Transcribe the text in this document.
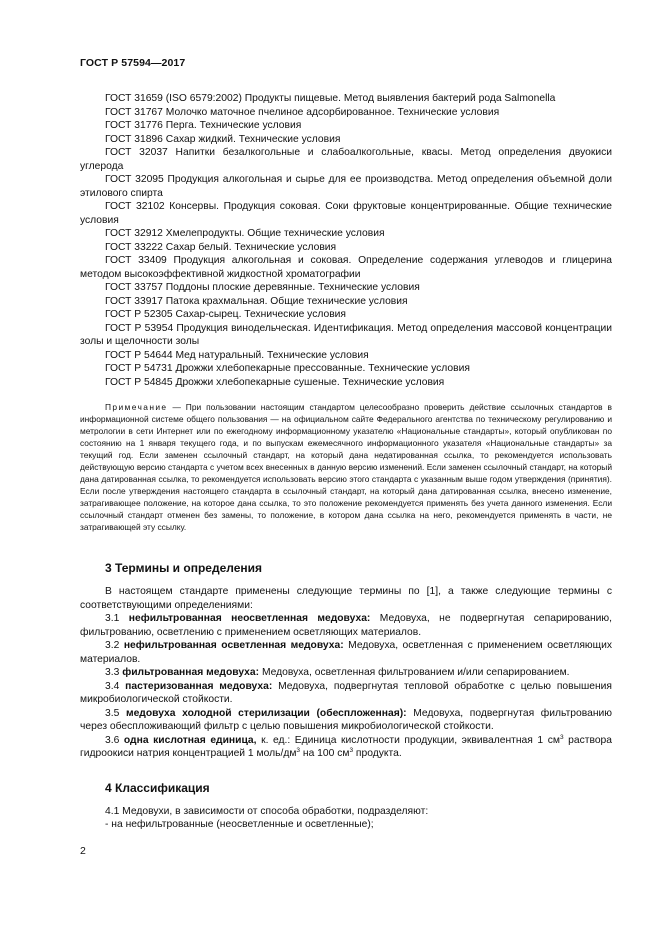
ГОСТ Р 57594—2017

ГОСТ 31659 (ISO 6579:2002) Продукты пищевые. Метод выявления бактерий рода Salmonella

ГОСТ 31767 Молочко маточное пчелиное адсорбированное. Технические условия

ГОСТ 31776 Перга. Технические условия

ГОСТ 31896 Сахар жидкий. Технические условия

ГОСТ 32037 Напитки безалкогольные и слабоалкогольные, квасы. Метод определения двуокиси углерода

ГОСТ 32095 Продукция алкогольная и сырье для ее производства. Метод определения объемной доли этилового спирта

ГОСТ 32102 Консервы. Продукция соковая. Соки фруктовые концентрированные. Общие технические условия

ГОСТ 32912 Хмелепродукты. Общие технические условия

ГОСТ 33222 Сахар белый. Технические условия

ГОСТ 33409 Продукция алкогольная и соковая. Определение содержания углеводов и глицерина методом высокоэффективной жидкостной хроматографии

ГОСТ 33757 Поддоны плоские деревянные. Технические условия

ГОСТ 33917 Патока крахмальная. Общие технические условия

ГОСТ Р 52305 Сахар-сырец. Технические условия

ГОСТ Р 53954 Продукция винодельческая. Идентификация. Метод определения массовой концентрации золы и щелочности золы

ГОСТ Р 54644 Мед натуральный. Технические условия

ГОСТ Р 54731 Дрожжи хлебопекарные прессованные. Технические условия

ГОСТ Р 54845 Дрожжи хлебопекарные сушеные. Технические условия

Примечание — При пользовании настоящим стандартом целесообразно проверить действие ссылочных стандартов в информационной системе общего пользования — на официальном сайте Федерального агентства по техническому регулированию и метрологии в сети Интернет или по ежегодному информационному указателю «Национальные стандарты», который опубликован по состоянию на 1 января текущего года, и по выпускам ежемесячного информационного указателя «Национальные стандарты» за текущий год. Если заменен ссылочный стандарт, на который дана недатированная ссылка, то рекомендуется использовать действующую версию стандарта с учетом всех внесенных в данную версию изменений. Если заменен ссылочный стандарт, на который дана датированная ссылка, то рекомендуется использовать версию этого стандарта с указанным выше годом утверждения (принятия). Если после утверждения настоящего стандарта в ссылочный стандарт, на который дана датированная ссылка, внесено изменение, затрагивающее положение, на которое дана ссылка, то это положение рекомендуется применять без учета данного изменения. Если ссылочный стандарт отменен без замены, то положение, в котором дана ссылка на него, рекомендуется применять в части, не затрагивающей эту ссылку.

3 Термины и определения

В настоящем стандарте применены следующие термины по [1], а также следующие термины с соответствующими определениями:

3.1 нефильтрованная неосветленная медовуха: Медовуха, не подвергнутая сепарированию, фильтрованию, осветлению с применением осветляющих материалов.

3.2 нефильтрованная осветленная медовуха: Медовуха, осветленная с применением осветляющих материалов.

3.3 фильтрованная медовуха: Медовуха, осветленная фильтрованием и/или сепарированием.

3.4 пастеризованная медовуха: Медовуха, подвергнутая тепловой обработке с целью повышения микробиологической стойкости.

3.5 медовуха холодной стерилизации (обеспложенная): Медовуха, подвергнутая фильтрованию через обеспложивающий фильтр с целью повышения микробиологической стойкости.

3.6 одна кислотная единица, к. ед.: Единица кислотности продукции, эквивалентная 1 $см^3$ раствора гидроокиси натрия концентрацией 1 моль/$дм^3$ на 100 $см^3$ продукта.

4 Классификация

4.1 Медовухи, в зависимости от способа обработки, подразделяют:

- на нефильтрованные (неосветленные и осветленные);

2
